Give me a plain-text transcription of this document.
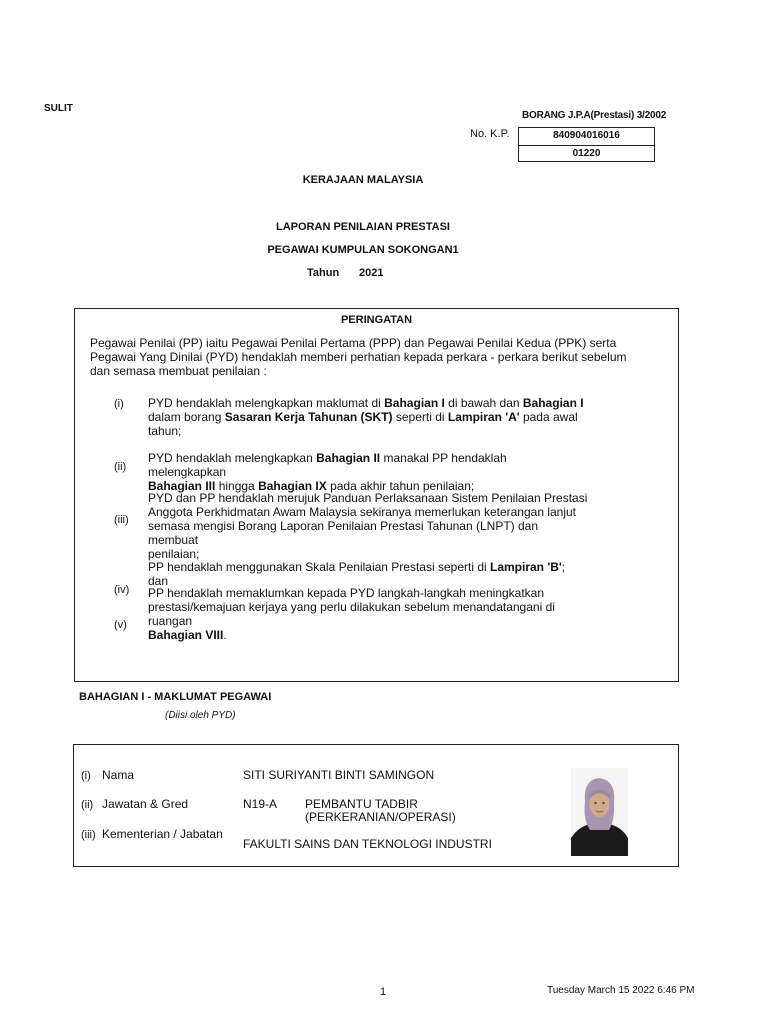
SULIT
BORANG J.P.A(Prestasi) 3/2002
No. K.P.	840904016016
01220
KERAJAAN MALAYSIA
LAPORAN PENILAIAN PRESTASI
PEGAWAI KUMPULAN SOKONGAN1
Tahun 2021
PERINGATAN
Pegawai Penilai (PP) iaitu Pegawai Penilai Pertama (PPP) dan Pegawai Penilai Kedua (PPK) serta
Pegawai Yang Dinilai (PYD) hendaklah memberi perhatian kepada perkara - perkara berikut sebelum
dan semasa membuat penilaian :
(i)
(ii)
(iii)
(iv)
(v)
PYD hendaklah melengkapkan maklumat di Bahagian I di bawah dan Bahagian I
dalam borang Sasaran Kerja Tahunan (SKT) seperti di Lampiran 'A' pada awal
tahun;
PYD hendaklah melengkapkan Bahagian II manakal PP hendaklah melengkapkan
Bahagian III hingga Bahagian IX pada akhir tahun penilaian;
PYD dan PP hendaklah merujuk Panduan Perlaksanaan Sistem Penilaian Prestasi
Anggota Perkhidmatan Awam Malaysia sekiranya memerlukan keterangan lanjut
semasa mengisi Borang Laporan Penilaian Prestasi Tahunan (LNPT) dan membuat
penilaian;
PP hendaklah menggunakan Skala Penilaian Prestasi seperti di Lampiran 'B'; dan
PP hendaklah memaklumkan kepada PYD langkah-langkah meningkatkan
prestasi/kemajuan kerjaya yang perlu dilakukan sebelum menandatangani di ruangan
Bahagian VIII.
BAHAGIAN I - MAKLUMAT PEGAWAI
(Diisi oleh PYD)
(i) Nama	SITI SURIYANTI BINTI SAMINGON
(ii) Jawatan & Gred	N19-A PEMBANTU TADBIR
(PERKERANIAN/OPERASI)
(iii) Kementerian / Jabatan
FAKULTI SAINS DAN TEKNOLOGI INDUSTRI
1	Tuesday March 15 2022 6:46 PM
